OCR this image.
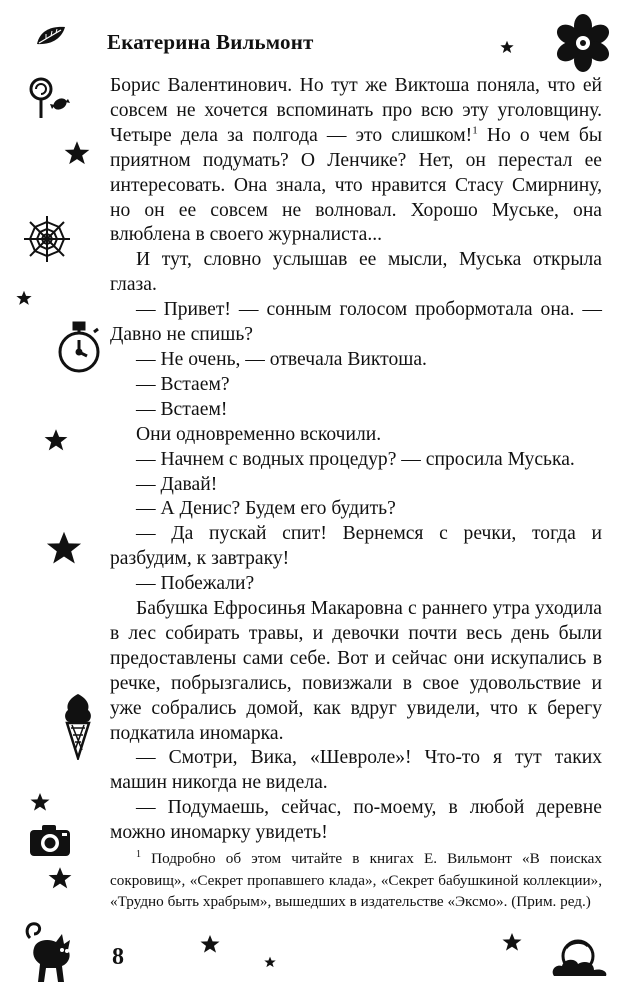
Екатерина Вильмонт

Борис Валентинович. Но тут же Виктоша поняла, что ей совсем не хочется вспоминать про всю эту уголовщину. Четыре дела за полгода — это слишком!$^1$ Но о чем бы приятном подумать? О Ленчике? Нет, он перестал ее интересовать. Она знала, что нравится Стасу Смирнину, но он ее совсем не волновал. Хорошо Муське, она влюблена в своего журналиста...

И тут, словно услышав ее мысли, Муська открыла глаза.

— Привет! — сонным голосом пробормотала она. — Давно не спишь?

— Не очень, — отвечала Виктоша.

— Встаем?

— Встаем!

Они одновременно вскочили.

— Начнем с водных процедур? — спросила Муська.

— Давай!

— А Денис? Будем его будить?

— Да пускай спит! Вернемся с речки, тогда и разбудим, к завтраку!

— Побежали?

Бабушка Ефросинья Макаровна с раннего утра уходила в лес собирать травы, и девочки почти весь день были предоставлены сами себе. Вот и сейчас они искупались в речке, побрызгались, повизжали в свое удовольствие и уже собрались домой, как вдруг увидели, что к берегу подкатила иномарка.

— Смотри, Вика, «Шевроле»! Что-то я тут таких машин никогда не видела.

— Подумаешь, сейчас, по-моему, в любой деревне можно иномарку увидеть!

$^1$ Подробно об этом читайте в книгах Е. Вильмонт «В поисках сокровищ», «Секрет пропавшего клада», «Секрет бабушкиной коллекции», «Трудно быть храбрым», вышедших в издательстве «Эксмо». (Прим. ред.)

8
